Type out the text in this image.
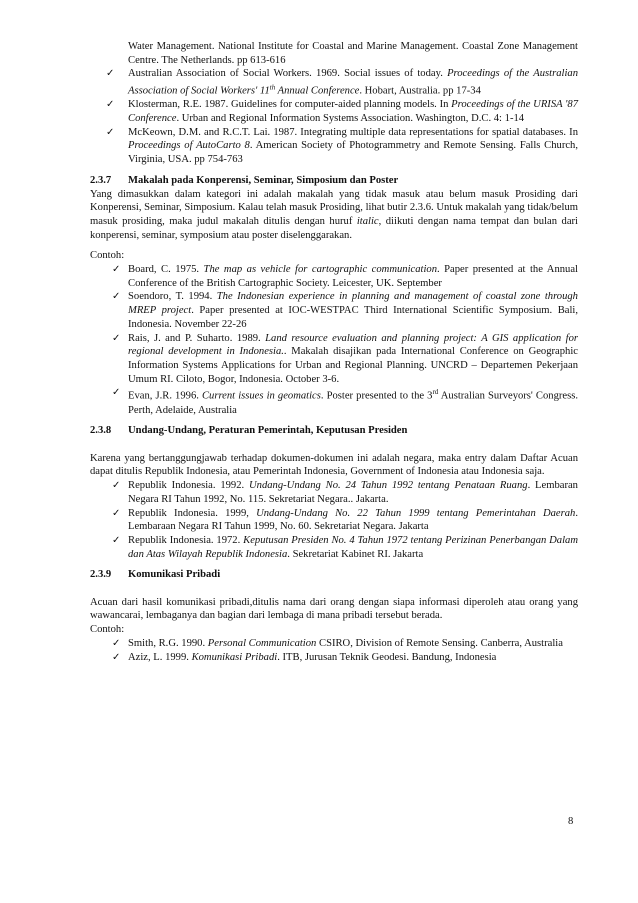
Water Management. National Institute for Coastal and Marine Management. Coastal Zone Management Centre. The Netherlands. pp 613-616

✓ Australian Association of Social Workers. 1969. Social issues of today. Proceedings of the Australian Association of Social Workers' 11th Annual Conference. Hobart, Australia. pp 17-34
✓ Klosterman, R.E. 1987. Guidelines for computer-aided planning models. In Proceedings of the URISA '87 Conference. Urban and Regional Information Systems Association. Washington, D.C. 4: 1-14
✓ McKeown, D.M. and R.C.T. Lai. 1987. Integrating multiple data representations for spatial databases. In Proceedings of AutoCarto 8. American Society of Photogrammetry and Remote Sensing. Falls Church, Virginia, USA. pp 754-763
2.3.7	Makalah pada Konperensi, Seminar, Simposium dan Poster

Yang dimasukkan dalam kategori ini adalah makalah yang tidak masuk atau belum masuk Prosiding dari Konperensi, Seminar, Simposium. Kalau telah masuk Prosiding, lihat butir 2.3.6. Untuk makalah yang tidak/belum masuk prosiding, maka judul makalah ditulis dengan huruf italic, diikuti dengan nama tempat dan bulan dari konperensi, seminar, symposium atau poster diselenggarakan.

Contoh:

✓ Board, C. 1975. The map as vehicle for cartographic communication. Paper presented at the Annual Conference of the British Cartographic Society. Leicester, UK. September
✓ Soendoro, T. 1994. The Indonesian experience in planning and management of coastal zone through MREP project. Paper presented at IOC-WESTPAC Third International Scientific Symposium. Bali, Indonesia. November 22-26
✓ Rais, J. and P. Suharto. 1989. Land resource evaluation and planning project: A GIS application for regional development in Indonesia.. Makalah disajikan pada International Conference on Geographic Information Systems Applications for Urban and Regional Planning. UNCRD – Departemen Pekerjaan Umum RI. Ciloto, Bogor, Indonesia. October 3-6.
✓ Evan, J.R. 1996. Current issues in geomatics. Poster presented to the 3rd Australian Surveyors' Congress. Perth, Adelaide, Australia
2.3.8	Undang-Undang, Peraturan Pemerintah, Keputusan Presiden

Karena yang bertanggungjawab terhadap dokumen-dokumen ini adalah negara, maka entry dalam Daftar Acuan dapat ditulis Republik Indonesia, atau Pemerintah Indonesia, Government of Indonesia atau Indonesia saja.

✓ Republik Indonesia. 1992. Undang-Undang No. 24 Tahun 1992 tentang Penataan Ruang. Lembaran Negara RI Tahun 1992, No. 115. Sekretariat Negara.. Jakarta.
✓ Republik Indonesia. 1999, Undang-Undang No. 22 Tahun 1999 tentang Pemerintahan Daerah. Lembaraan Negara RI Tahun 1999, No. 60. Sekretariat Negara. Jakarta
✓ Republik Indonesia. 1972. Keputusan Presiden No. 4 Tahun 1972 tentang Perizinan Penerbangan Dalam dan Atas Wilayah Republik Indonesia. Sekretariat Kabinet RI. Jakarta
2.3.9	Komunikasi Pribadi

Acuan dari hasil komunikasi pribadi,ditulis nama dari orang dengan siapa informasi diperoleh atau orang yang wawancarai, lembaganya dan bagian dari lembaga di mana pribadi tersebut berada.

Contoh:

✓ Smith, R.G. 1990. Personal Communication CSIRO, Division of Remote Sensing. Canberra, Australia
✓ Aziz, L. 1999. Komunikasi Pribadi. ITB, Jurusan Teknik Geodesi. Bandung, Indonesia
8
